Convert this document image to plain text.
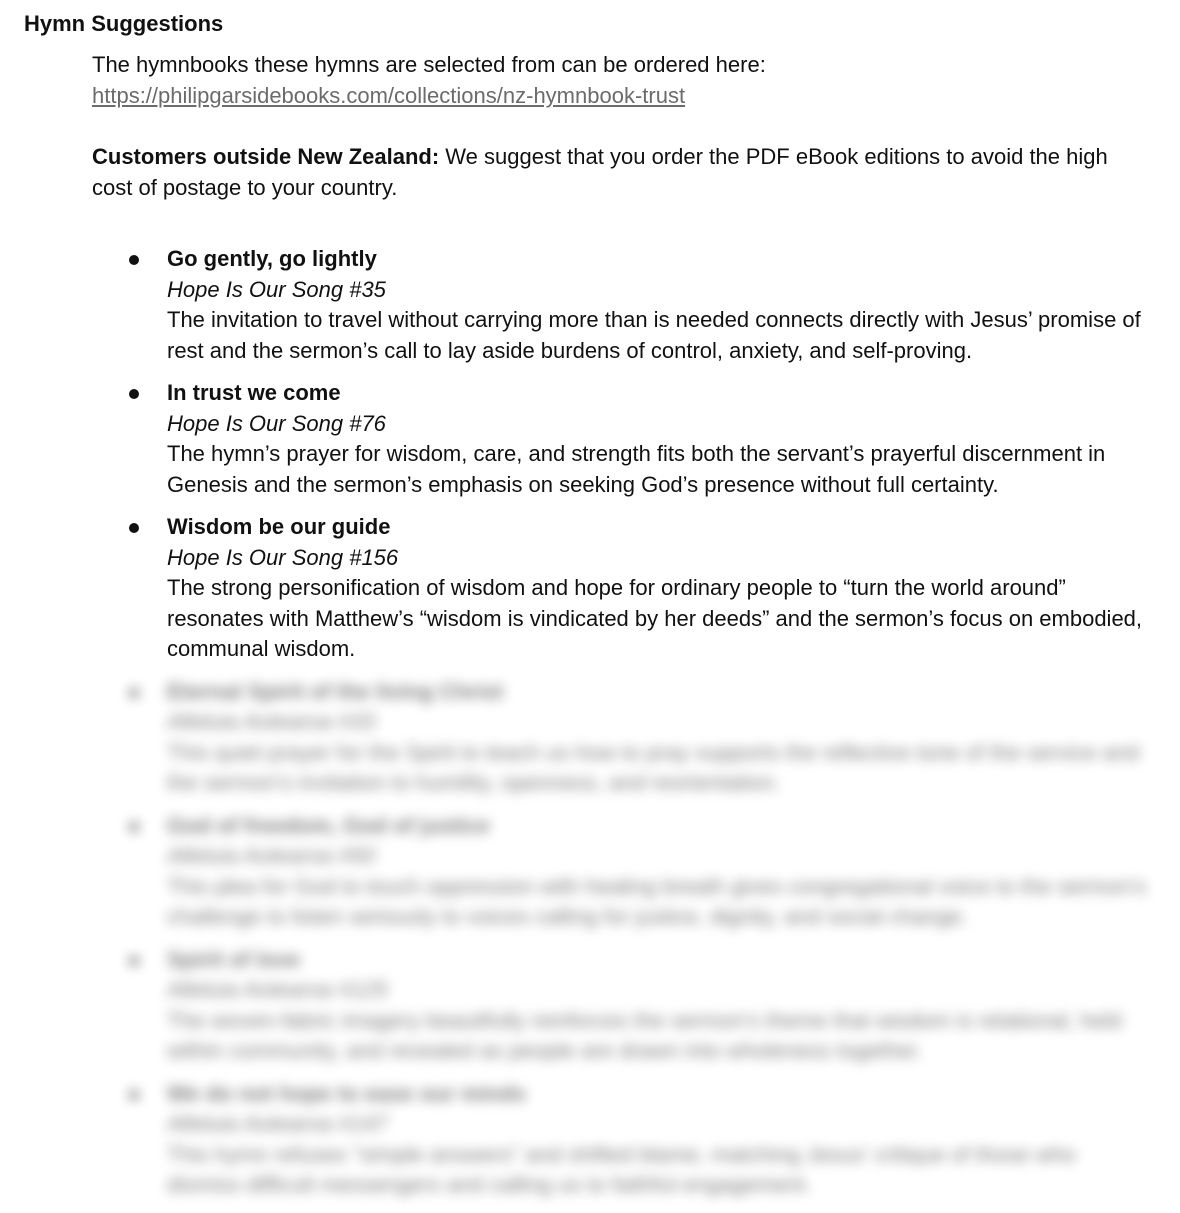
Hymn Suggestions

The hymnbooks these hymns are selected from can be ordered here:

https://philipgarsidebooks.com/collections/nz-hymnbook-trust

Customers outside New Zealand: We suggest that you order the PDF eBook editions to avoid the high cost of postage to your country.

Go gently, go lightly
Hope Is Our Song #35
The invitation to travel without carrying more than is needed connects directly with Jesus’ promise of rest and the sermon’s call to lay aside burdens of control, anxiety, and self-proving.
In trust we come
Hope Is Our Song #76
The hymn’s prayer for wisdom, care, and strength fits both the servant’s prayerful discernment in Genesis and the sermon’s emphasis on seeking God’s presence without full certainty.
Wisdom be our guide
Hope Is Our Song #156
The strong personification of wisdom and hope for ordinary people to “turn the world around” resonates with Matthew’s “wisdom is vindicated by her deeds” and the sermon’s focus on embodied, communal wisdom.
Eternal Spirit of the living Christ
Alleluia Aotearoa #33
This quiet prayer for the Spirit to teach us how to pray supports the reflective tone of the service and the sermon’s invitation to humility, openness, and reorientation.
God of freedom, God of justice
Alleluia Aotearoa #50
This plea for God to touch oppression with healing breath gives congregational voice to the sermon’s challenge to listen seriously to voices calling for justice, dignity, and social change.
Spirit of love
Alleluia Aotearoa #125
The woven-fabric imagery beautifully reinforces the sermon’s theme that wisdom is relational, held within community, and revealed as people are drawn into wholeness together.
We do not hope to ease our minds
Alleluia Aotearoa #147
This hymn refuses “simple answers” and shifted blame, matching Jesus’ critique of those who dismiss difficult messengers and calling us to faithful engagement.
